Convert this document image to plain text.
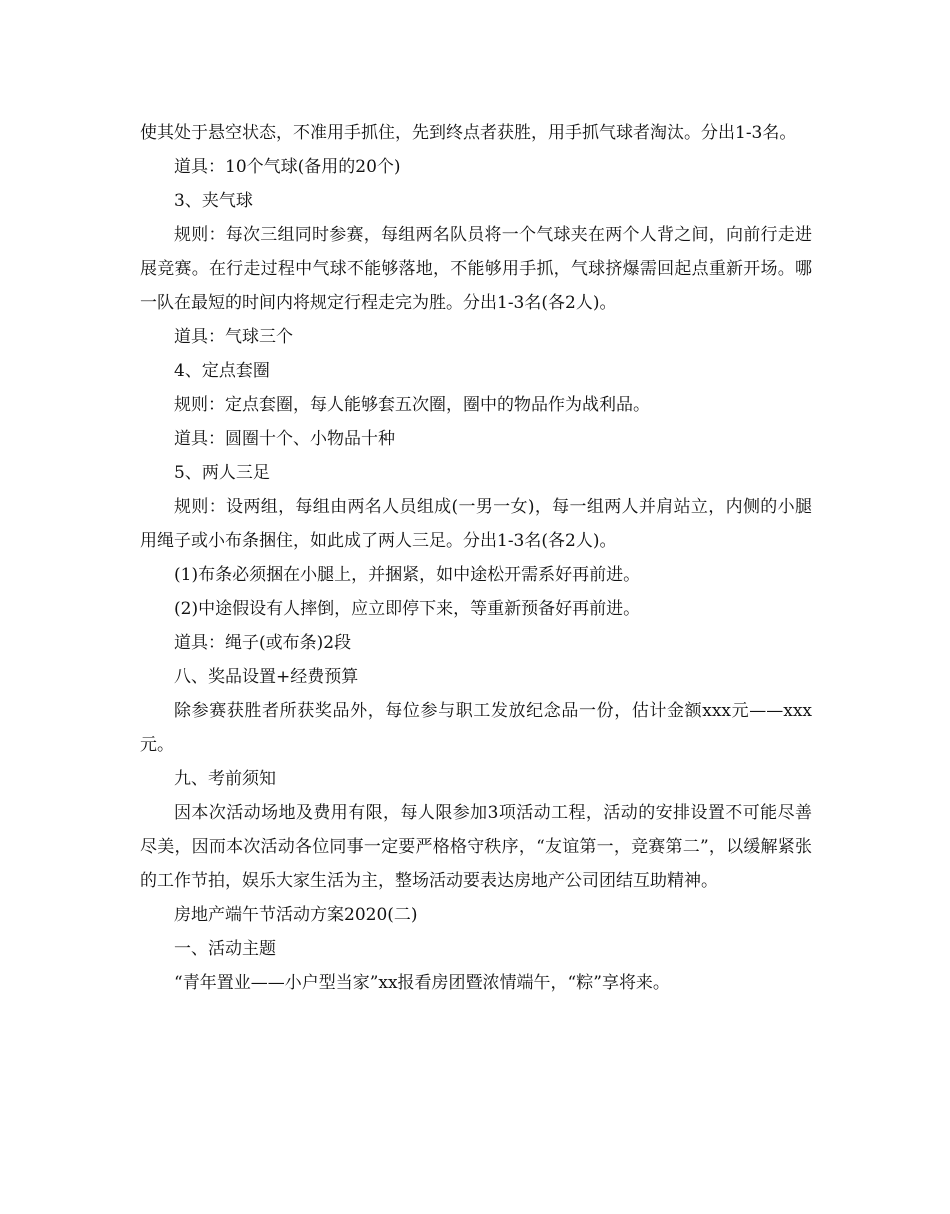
使其处于悬空状态，不准用手抓住，先到终点者获胜，用手抓气球者淘汰。分出1-3名。

道具：10个气球(备用的20个)

3、夹气球

规则：每次三组同时参赛，每组两名队员将一个气球夹在两个人背之间，向前行走进展竞赛。在行走过程中气球不能够落地，不能够用手抓，气球挤爆需回起点重新开场。哪一队在最短的时间内将规定行程走完为胜。分出1-3名(各2人)。

道具：气球三个

4、定点套圈

规则：定点套圈，每人能够套五次圈，圈中的物品作为战利品。

道具：圆圈十个、小物品十种

5、两人三足

规则：设两组，每组由两名人员组成(一男一女)，每一组两人并肩站立，内侧的小腿用绳子或小布条捆住，如此成了两人三足。分出1-3名(各2人)。

(1)布条必须捆在小腿上，并捆紧，如中途松开需系好再前进。

(2)中途假设有人摔倒，应立即停下来，等重新预备好再前进。

道具：绳子(或布条)2段

八、奖品设置+经费预算

除参赛获胜者所获奖品外，每位参与职工发放纪念品一份，估计金额xxx元——xxx元。

九、考前须知

因本次活动场地及费用有限，每人限参加3项活动工程，活动的安排设置不可能尽善尽美，因而本次活动各位同事一定要严格格守秩序，“友谊第一，竞赛第二”，以缓解紧张的工作节拍，娱乐大家生活为主，整场活动要表达房地产公司团结互助精神。

房地产端午节活动方案2020(二)

一、活动主题

“青年置业——小户型当家”xx报看房团暨浓情端午，“粽”享将来。
